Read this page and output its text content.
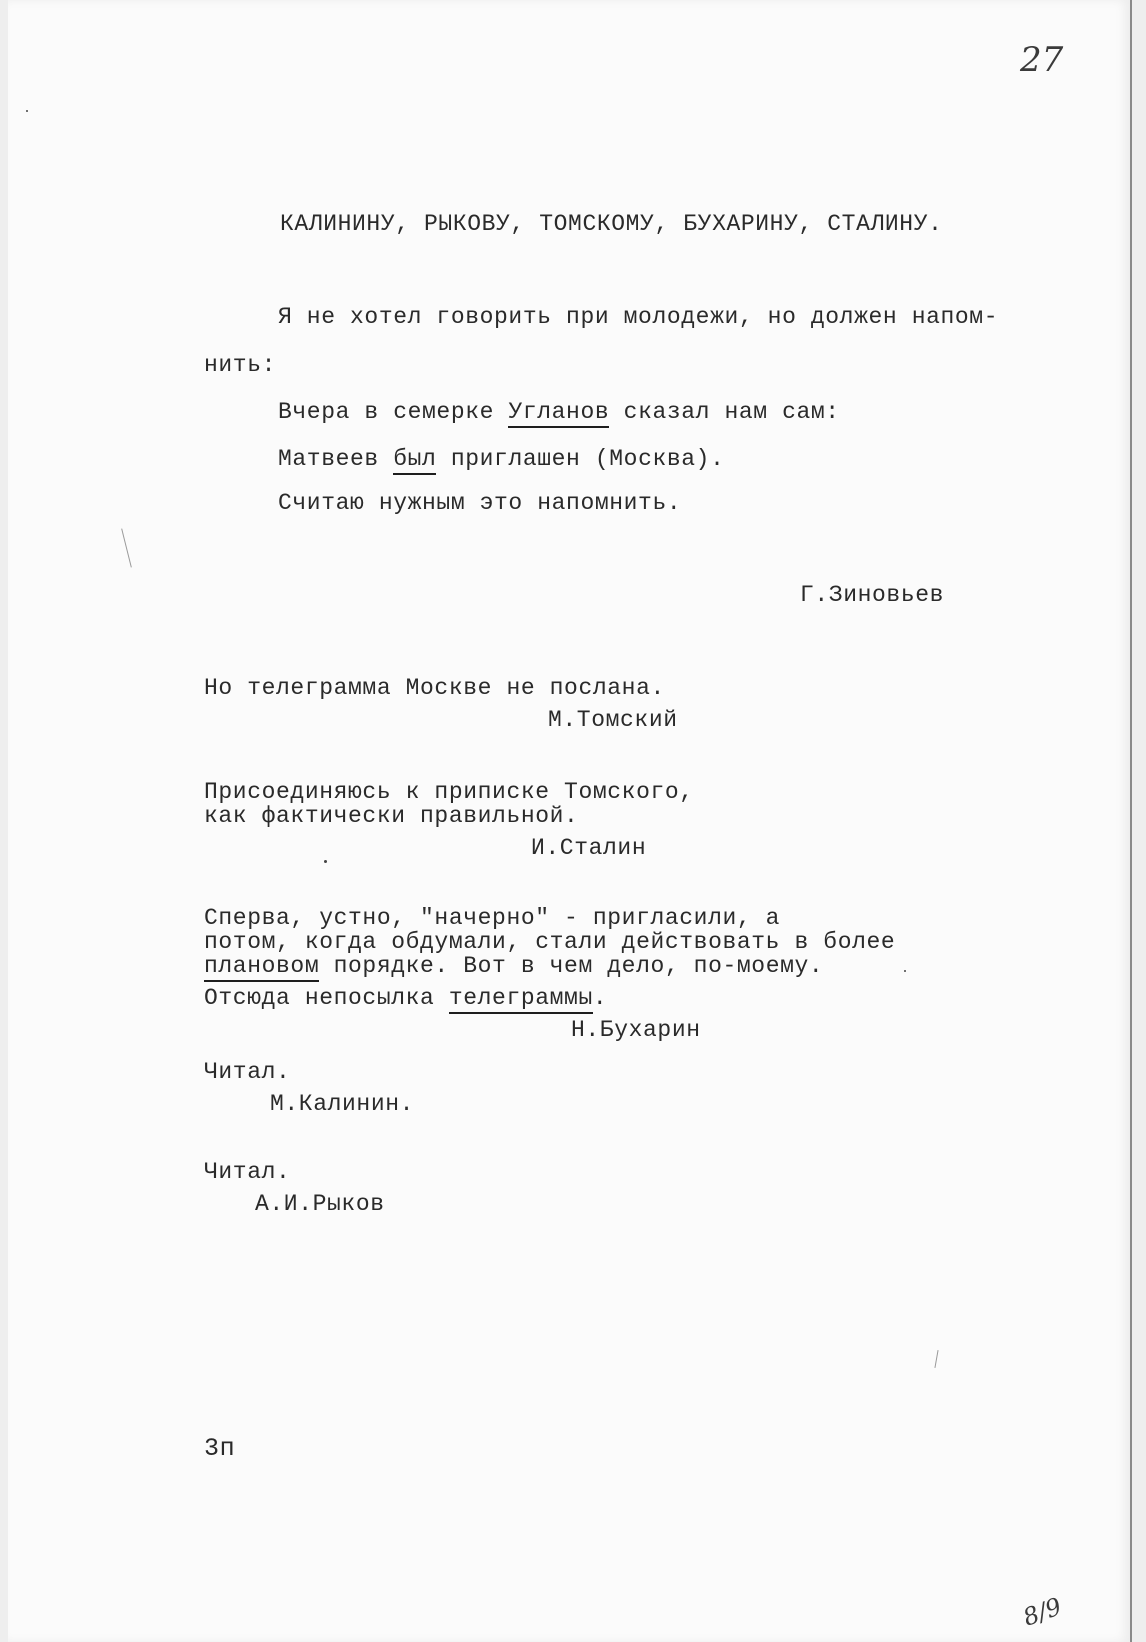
27
КАЛИНИНУ, РЫКОВУ, ТОМСКОМУ, БУХАРИНУ, СТАЛИНУ.
Я не хотел говорить при молодежи, но должен напом-
нить:
Вчера в семерке Угланов сказал нам сам:
Матвеев был приглашен (Москва).
Считаю нужным это напомнить.
Г.Зиновьев
Но телеграмма Москве не послана.
М.Томский
Присоединяюсь к приписке Томского,
как фактически правильной.
И.Сталин
Сперва, устно, "начерно" - пригласили, а
потом, когда обдумали, стали действовать в более
плановом порядке. Вот в чем дело, по-моему.
Отсюда непосылка телеграммы.
Н.Бухарин
Читал.
М.Калинин.
Читал.
А.И.Рыков
3п
8/9
